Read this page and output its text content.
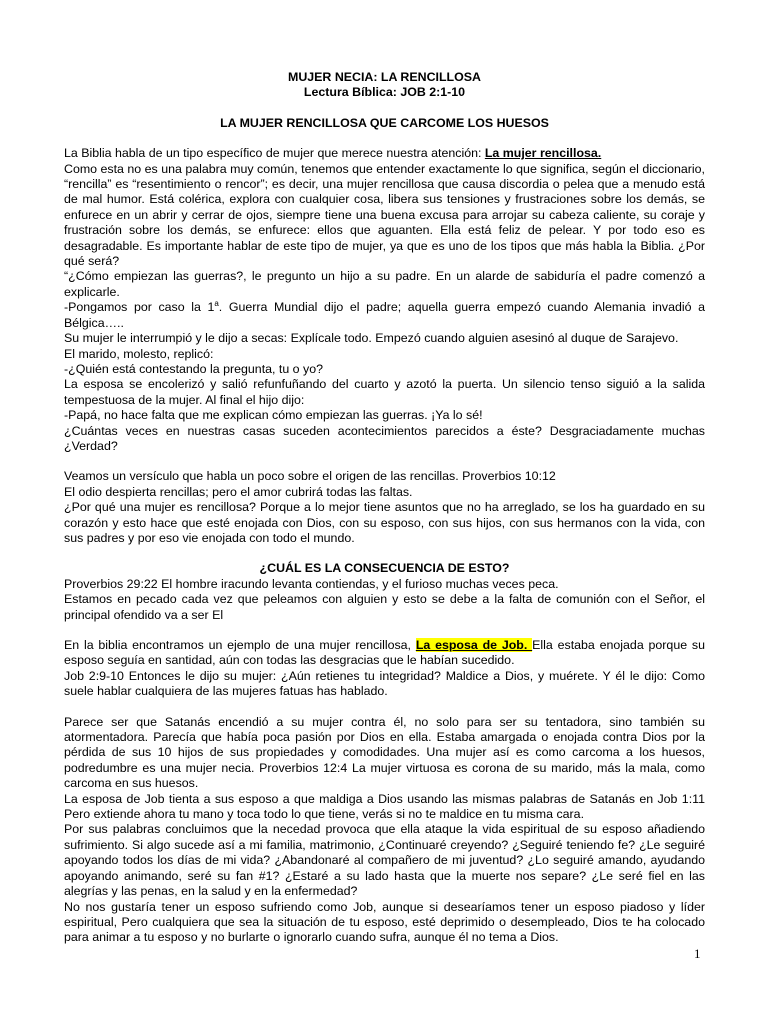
MUJER NECIA: LA RENCILLOSA
Lectura Bíblica: JOB 2:1-10
LA MUJER RENCILLOSA QUE CARCOME LOS HUESOS

La Biblia habla de un tipo específico de mujer que merece nuestra atención: La mujer rencillosa.

Como esta no es una palabra muy común, tenemos que entender exactamente lo que significa, según el diccionario, “rencilla” es “resentimiento o rencor”; es decir, una mujer rencillosa que causa discordia o pelea que a menudo está de mal humor. Está colérica, explora con cualquier cosa, libera sus tensiones y frustraciones sobre los demás, se enfurece en un abrir y cerrar de ojos, siempre tiene una buena excusa para arrojar su cabeza caliente, su coraje y frustración sobre los demás, se enfurece: ellos que aguanten. Ella está feliz de pelear. Y por todo eso es desagradable. Es importante hablar de este tipo de mujer, ya que es uno de los tipos que más habla la Biblia. ¿Por qué será?

“¿Cómo empiezan las guerras?, le pregunto un hijo a su padre. En un alarde de sabiduría el padre comenzó a explicarle.

-Pongamos por caso la 1$^a$. Guerra Mundial dijo el padre; aquella guerra empezó cuando Alemania invadió a Bélgica…..

Su mujer le interrumpió y le dijo a secas: Explícale todo. Empezó cuando alguien asesinó al duque de Sarajevo.

El marido, molesto, replicó:

-¿Quién está contestando la pregunta, tu o yo?

La esposa se encolerizó y salió refunfuñando del cuarto y azotó la puerta. Un silencio tenso siguió a la salida tempestuosa de la mujer. Al final el hijo dijo:

-Papá, no hace falta que me explican cómo empiezan las guerras. ¡Ya lo sé!

¿Cuántas veces en nuestras casas suceden acontecimientos parecidos a éste? Desgraciadamente muchas ¿Verdad?

Veamos un versículo que habla un poco sobre el origen de las rencillas. Proverbios 10:12

El odio despierta rencillas; pero el amor cubrirá todas las faltas.

¿Por qué una mujer es rencillosa? Porque a lo mejor tiene asuntos que no ha arreglado, se los ha guardado en su corazón y esto hace que esté enojada con Dios, con su esposo, con sus hijos, con sus hermanos con la vida, con sus padres y por eso vie enojada con todo el mundo.

¿CUÁL ES LA CONSECUENCIA DE ESTO?

Proverbios 29:22 El hombre iracundo levanta contiendas, y el furioso muchas veces peca.

Estamos en pecado cada vez que peleamos con alguien y esto se debe a la falta de comunión con el Señor, el principal ofendido va a ser El

En la biblia encontramos un ejemplo de una mujer rencillosa, La esposa de Job. Ella estaba enojada porque su esposo seguía en santidad, aún con todas las desgracias que le habían sucedido.

Job 2:9-10 Entonces le dijo su mujer: ¿Aún retienes tu integridad? Maldice a Dios, y muérete. Y él le dijo: Como suele hablar cualquiera de las mujeres fatuas has hablado.

Parece ser que Satanás encendió a su mujer contra él, no solo para ser su tentadora, sino también su atormentadora. Parecía que había poca pasión por Dios en ella. Estaba amargada o enojada contra Dios por la pérdida de sus 10 hijos de sus propiedades y comodidades. Una mujer así es como carcoma a los huesos, podredumbre es una mujer necia. Proverbios 12:4 La mujer virtuosa es corona de su marido, más la mala, como carcoma en sus huesos.

La esposa de Job tienta a sus esposo a que maldiga a Dios usando las mismas palabras de Satanás en Job 1:11 Pero extiende ahora tu mano y toca todo lo que tiene, verás si no te maldice en tu misma cara.

Por sus palabras concluimos que la necedad provoca que ella ataque la vida espiritual de su esposo añadiendo sufrimiento. Si algo sucede así a mi familia, matrimonio, ¿Continuaré creyendo? ¿Seguiré teniendo fe? ¿Le seguiré apoyando todos los días de mi vida? ¿Abandonaré al compañero de mi juventud? ¿Lo seguiré amando, ayudando apoyando animando, seré su fan #1? ¿Estaré a su lado hasta que la muerte nos separe? ¿Le seré fiel en las alegrías y las penas, en la salud y en la enfermedad?

No nos gustaría tener un esposo sufriendo como Job, aunque si desearíamos tener un esposo piadoso y líder espiritual, Pero cualquiera que sea la situación de tu esposo, esté deprimido o desempleado, Dios te ha colocado para animar a tu esposo y no burlarte o ignorarlo cuando sufra, aunque él no tema a Dios.

1
